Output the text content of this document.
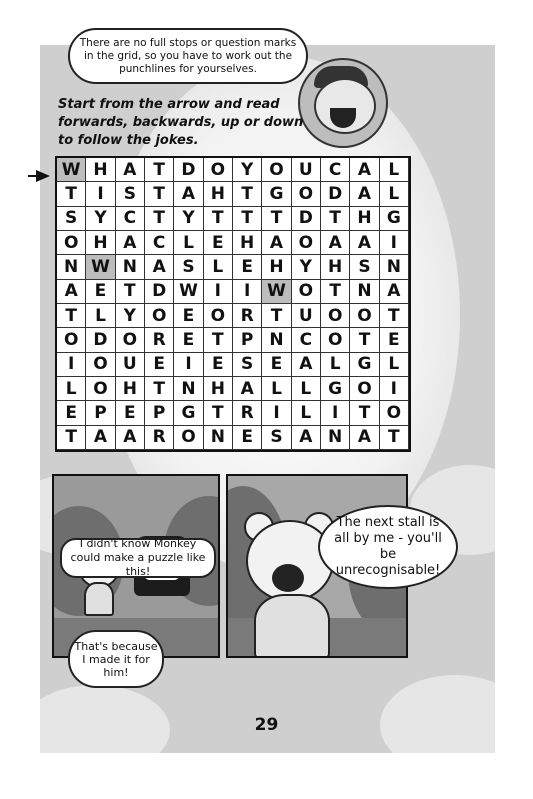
There are no full stops or question marks in the grid, so you have to work out the punchlines for yourselves.
Start from the arrow and read forwards, backwards, up or down to follow the jokes.
W H A T D O Y O U C A	L
T	I	S	T A H T G O D A	L
S	Y C	T	Y	T	T	T D T H G
O H A C	L	E H A O A A	I
N W N A S	L	E H Y H S N
A E	T D W I	I W O T N A
T	L	Y O E O R T U O O T
O D O R E	T	P N C O T	E
I	O U E	I	E	S	E A	L G L
L O H T N H A	L	L G O	I
E	P	E	P G T R	I	L	I	T O
T A A R O N E	S A N A T
I didn't know Monkey could make a puzzle like this!
That's because I made it for him!
The next stall is all by me - you'll be unrecognisable!
29
